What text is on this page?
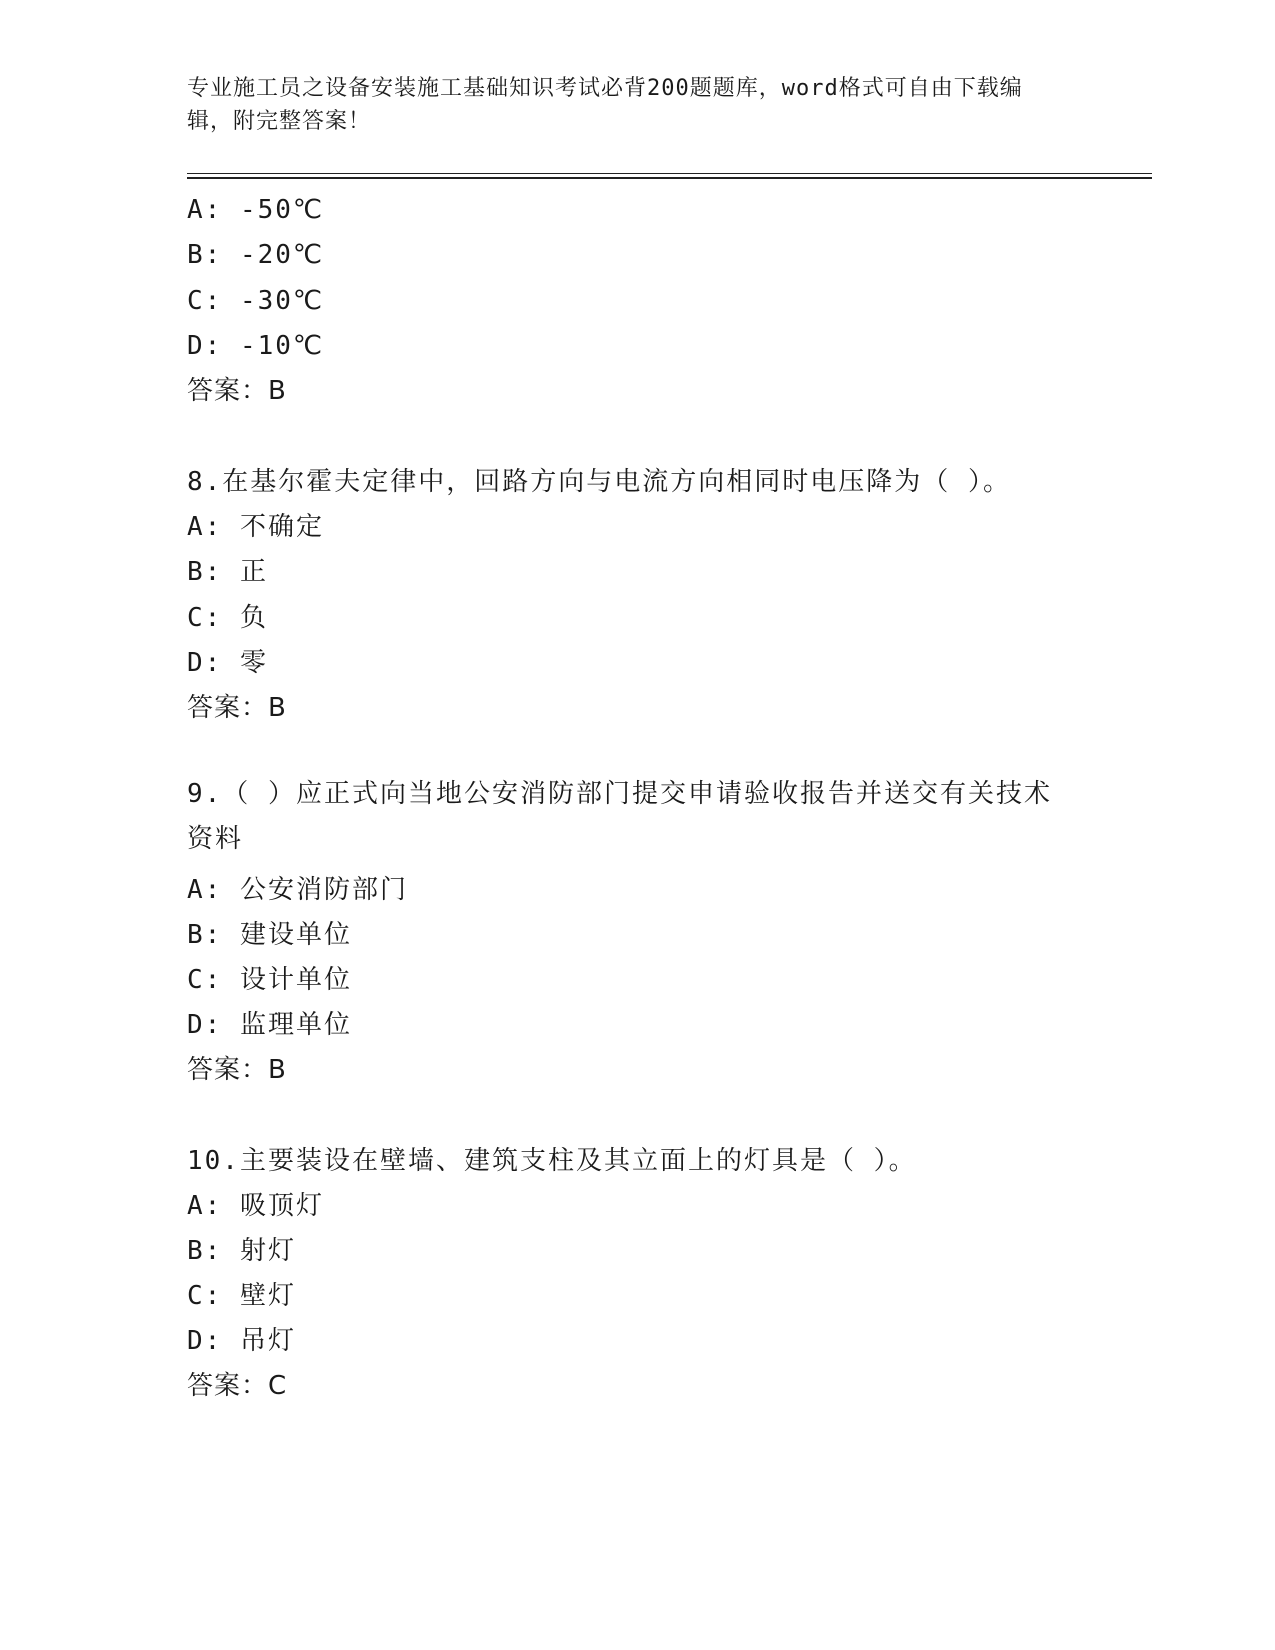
专业施工员之设备安装施工基础知识考试必背200题题库，word格式可自由下载编辑，附完整答案！
A: -50℃
B: -20℃
C: -30℃
D: -10℃
答案：B
8.在基尔霍夫定律中，回路方向与电流方向相同时电压降为（ ）。
A: 不确定
B: 正
C: 负
D: 零
答案：B
9.（ ）应正式向当地公安消防部门提交申请验收报告并送交有关技术资料
A: 公安消防部门
B: 建设单位
C: 设计单位
D: 监理单位
答案：B
10.主要装设在壁墙、建筑支柱及其立面上的灯具是（ ）。
A: 吸顶灯
B: 射灯
C: 壁灯
D: 吊灯
答案：C
